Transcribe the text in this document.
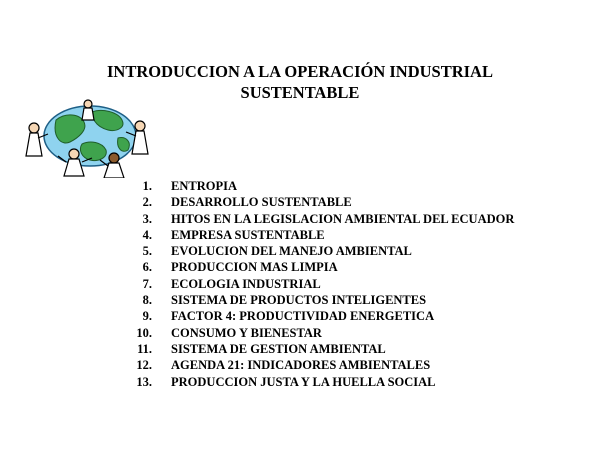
INTRODUCCION A LA OPERACIÓN INDUSTRIAL
SUSTENTABLE
1. ENTROPIA
2. DESARROLLO SUSTENTABLE
3. HITOS EN LA LEGISLACION AMBIENTAL DEL ECUADOR
4. EMPRESA SUSTENTABLE
5. EVOLUCION DEL MANEJO AMBIENTAL
6. PRODUCCION MAS LIMPIA
7. ECOLOGIA INDUSTRIAL
8. SISTEMA DE PRODUCTOS INTELIGENTES
9. FACTOR 4: PRODUCTIVIDAD ENERGETICA
10. CONSUMO Y BIENESTAR
11. SISTEMA DE GESTION AMBIENTAL
12. AGENDA 21: INDICADORES AMBIENTALES
13. PRODUCCION JUSTA Y LA HUELLA SOCIAL
